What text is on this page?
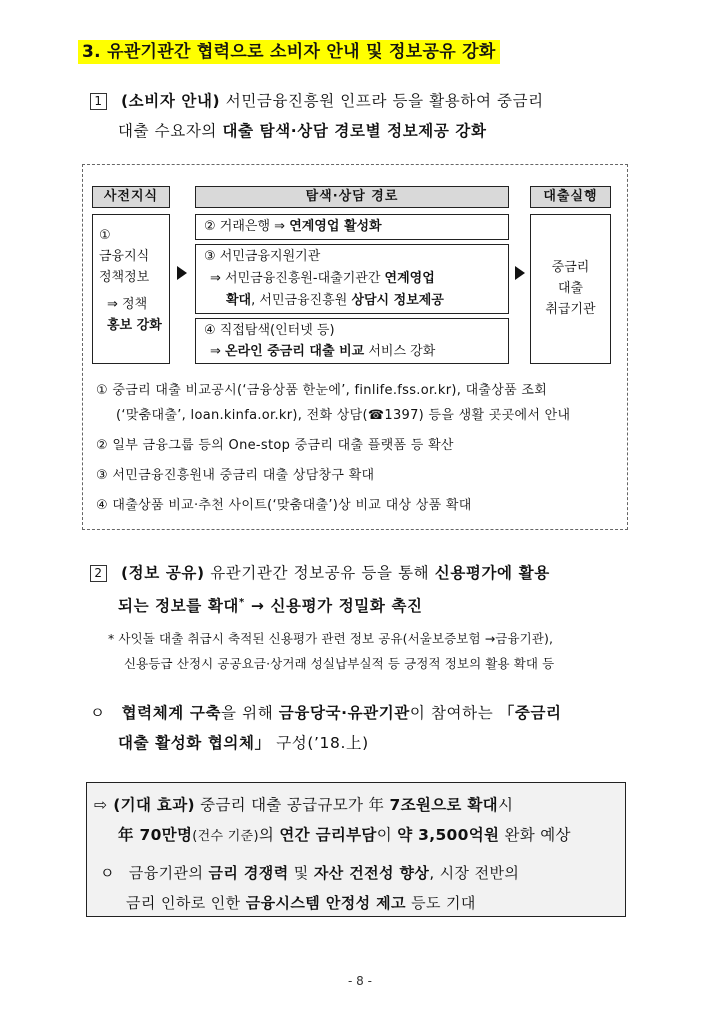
3. 유관기관간 협력으로 소비자 안내 및 정보공유 강화
1 (소비자 안내) 서민금융진흥원 인프라 등을 활용하여 중금리
대출 수요자의 대출 탐색·상담 경로별 정보제공 강화
사전지식	탐색·상담 경로	대출실행
①
금융지식
정책정보
⇒ 정책
홍보 강화
② 거래은행 ⇒ 연계영업 활성화
③ 서민금융지원기관
⇒ 서민금융진흥원-대출기관간 연계영업
확대, 서민금융진흥원 상담시 정보제공
④ 직접탐색(인터넷 등)
⇒ 온라인 중금리 대출 비교 서비스 강화
중금리
대출
취급기관
① 중금리 대출 비교공시(‘금융상품 한눈에’, finlife.fss.or.kr), 대출상품 조회
(‘맞춤대출’, loan.kinfa.or.kr), 전화 상담(☎1397) 등을 생활 곳곳에서 안내
② 일부 금융그룹 등의 One-stop 중금리 대출 플랫폼 등 확산
③ 서민금융진흥원내 중금리 대출 상담창구 확대
④ 대출상품 비교·추천 사이트(‘맞춤대출’)상 비교 대상 상품 확대
2 (정보 공유) 유관기관간 정보공유 등을 통해 신용평가에 활용
되는 정보를 확대* → 신용평가 정밀화 촉진
* 사잇돌 대출 취급시 축적된 신용평가 관련 정보 공유(서울보증보험 →금융기관),
신용등급 산정시 공공요금·상거래 성실납부실적 등 긍정적 정보의 활용 확대 등
ㅇ 협력체계 구축을 위해 금융당국·유관기관이 참여하는 「중금리
대출 활성화 협의체」 구성(’18.上)
⇨ (기대 효과) 중금리 대출 공급규모가 年 7조원으로 확대시
年 70만명(건수 기준)의 연간 금리부담이 약 3,500억원 완화 예상
ㅇ 금융기관의 금리 경쟁력 및 자산 건전성 향상, 시장 전반의
금리 인하로 인한 금융시스템 안정성 제고 등도 기대
- 8 -
